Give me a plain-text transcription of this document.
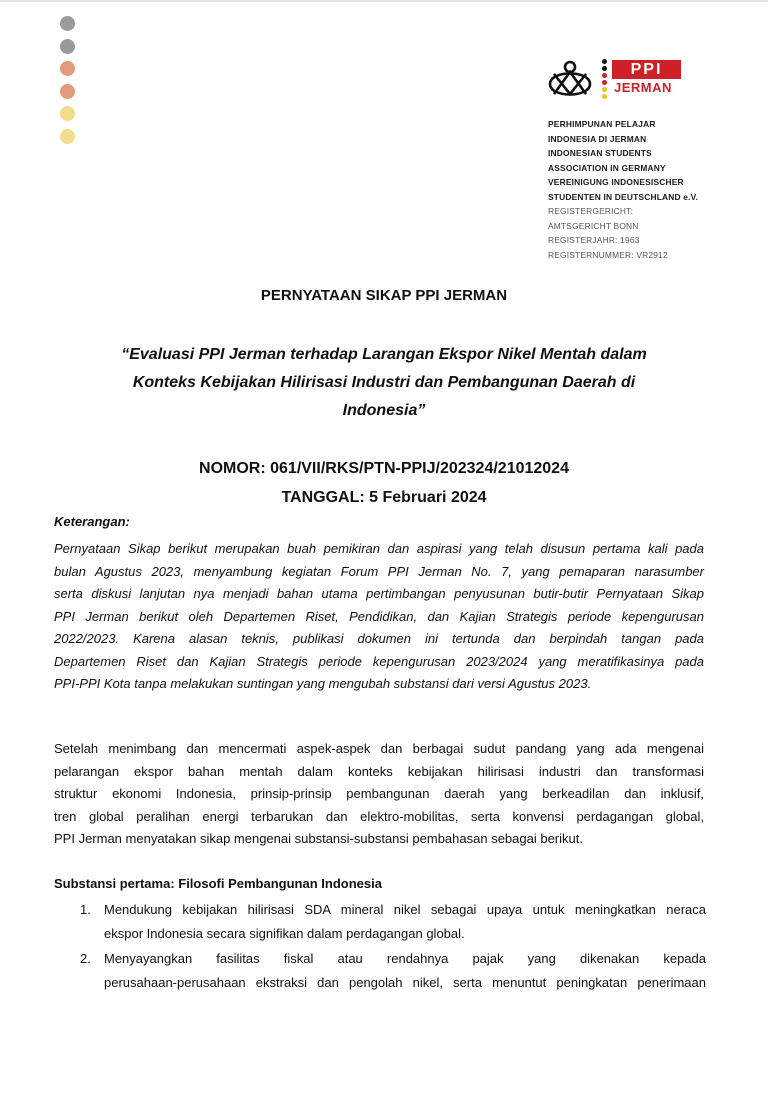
PPI
JERMAN
PERHIMPUNAN PELAJAR
INDONESIA DI JERMAN
INDONESIAN STUDENTS
ASSOCIATION IN GERMANY
VEREINIGUNG INDONESISCHER
STUDENTEN IN DEUTSCHLAND e.V.
REGISTERGERICHT:
AMTSGERICHT BONN
REGISTERJAHR: 1963
REGISTERNUMMER: VR2912
PERNYATAAN SIKAP PPI JERMAN
“Evaluasi PPI Jerman terhadap Larangan Ekspor Nikel Mentah dalam
Konteks Kebijakan Hilirisasi Industri dan Pembangunan Daerah di
Indonesia”
NOMOR: 061/VII/RKS/PTN-PPIJ/202324/21012024
TANGGAL: 5 Februari 2024
Keterangan:
Pernyataan Sikap berikut merupakan buah pemikiran dan aspirasi yang telah disusun pertama kali pada
bulan Agustus 2023, menyambung kegiatan Forum PPI Jerman No. 7, yang pemaparan narasumber
serta diskusi lanjutan nya menjadi bahan utama pertimbangan penyusunan butir-butir Pernyataan Sikap
PPI Jerman berikut oleh Departemen Riset, Pendidikan, dan Kajian Strategis periode kepengurusan
2022/2023. Karena alasan teknis, publikasi dokumen ini tertunda dan berpindah tangan pada
Departemen Riset dan Kajian Strategis periode kepengurusan 2023/2024 yang meratifikasinya pada
PPI-PPI Kota tanpa melakukan suntingan yang mengubah substansi dari versi Agustus 2023.
Setelah menimbang dan mencermati aspek-aspek dan berbagai sudut pandang yang ada mengenai
pelarangan ekspor bahan mentah dalam konteks kebijakan hilirisasi industri dan transformasi
struktur ekonomi Indonesia, prinsip-prinsip pembangunan daerah yang berkeadilan dan inklusif,
tren global peralihan energi terbarukan dan elektro-mobilitas, serta konvensi perdagangan global,
PPI Jerman menyatakan sikap mengenai substansi-substansi pembahasan sebagai berikut.
Substansi pertama: Filosofi Pembangunan Indonesia
1. Mendukung kebijakan hilirisasi SDA mineral nikel sebagai upaya untuk meningkatkan neraca
ekspor Indonesia secara signifikan dalam perdagangan global.
2. Menyayangkan fasilitas fiskal atau rendahnya pajak yang dikenakan kepada
perusahaan-perusahaan ekstraksi dan pengolah nikel, serta menuntut peningkatan penerimaan
